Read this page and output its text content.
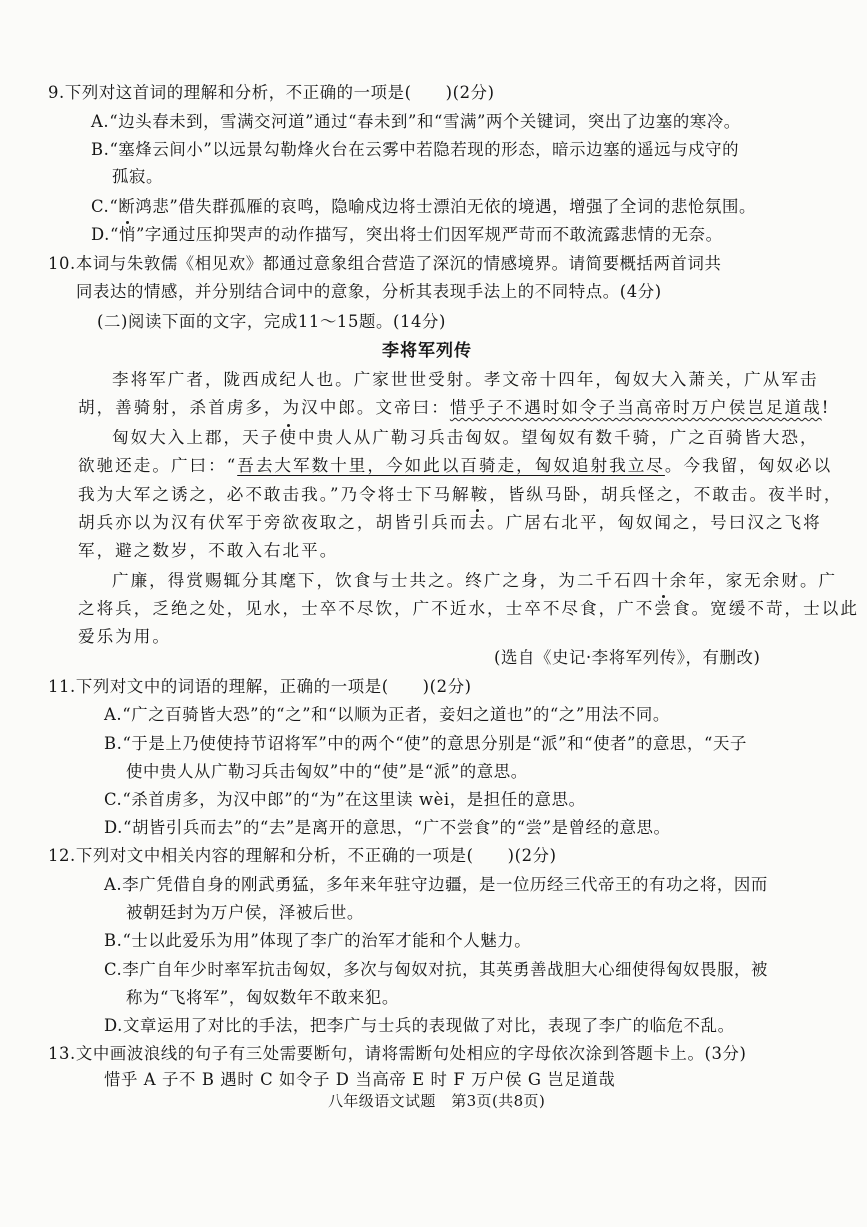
9.下列对这首词的理解和分析，不正确的一项是(　　)(2分)
A.“边头春未到，雪满交河道”通过“春未到”和“雪满”两个关键词，突出了边塞的寒冷。
B.“塞烽云间小”以远景勾勒烽火台在云雾中若隐若现的形态，暗示边塞的遥远与戍守的
孤寂。
C.“断鸿悲”借失群孤雁的哀鸣，隐喻戍边将士漂泊无依的境遇，增强了全词的悲怆氛围。
D.“悄”字通过压抑哭声的动作描写，突出将士们因军规严苛而不敢流露悲情的无奈。
10.本词与朱敦儒《相见欢》都通过意象组合营造了深沉的情感境界。请简要概括两首词共
同表达的情感，并分别结合词中的意象，分析其表现手法上的不同特点。(4分)
(二)阅读下面的文字，完成11～15题。(14分)
李将军列传
李将军广者，陇西成纪人也。广家世世受射。孝文帝十四年，匈奴大入萧关，广从军击
胡，善骑射，杀首虏多，为汉中郎。文帝曰：惜乎子不遇时如令子当高帝时万户侯岂足道哉!
匈奴大入上郡，天子使中贵人从广勒习兵击匈奴。望匈奴有数千骑，广之百骑皆大恐，
欲驰还走。广曰：“吾去大军数十里，今如此以百骑走，匈奴追射我立尽。今我留，匈奴必以
我为大军之诱之，必不敢击我。”乃令将士下马解鞍，皆纵马卧，胡兵怪之，不敢击。夜半时，
胡兵亦以为汉有伏军于旁欲夜取之，胡皆引兵而去。广居右北平，匈奴闻之，号曰汉之飞将
军，避之数岁，不敢入右北平。
广廉，得赏赐辄分其麾下，饮食与士共之。终广之身，为二千石四十余年，家无余财。广
之将兵，乏绝之处，见水，士卒不尽饮，广不近水，士卒不尽食，广不尝食。宽缓不苛，士以此
爱乐为用。
(选自《史记·李将军列传》，有删改)
11.下列对文中的词语的理解，正确的一项是(　　)(2分)
A.“广之百骑皆大恐”的“之”和“以顺为正者，妾妇之道也”的“之”用法不同。
B.“于是上乃使使持节诏将军”中的两个“使”的意思分别是“派”和“使者”的意思，“天子
使中贵人从广勒习兵击匈奴”中的“使”是“派”的意思。
C.“杀首虏多，为汉中郎”的“为”在这里读 wèi，是担任的意思。
D.“胡皆引兵而去”的“去”是离开的意思，“广不尝食”的“尝”是曾经的意思。
12.下列对文中相关内容的理解和分析，不正确的一项是(　　)(2分)
A.李广凭借自身的刚武勇猛，多年来年驻守边疆，是一位历经三代帝王的有功之将，因而
被朝廷封为万户侯，泽被后世。
B.“士以此爱乐为用”体现了李广的治军才能和个人魅力。
C.李广自年少时率军抗击匈奴，多次与匈奴对抗，其英勇善战胆大心细使得匈奴畏服，被
称为“飞将军”，匈奴数年不敢来犯。
D.文章运用了对比的手法，把李广与士兵的表现做了对比，表现了李广的临危不乱。
13.文中画波浪线的句子有三处需要断句，请将需断句处相应的字母依次涂到答题卡上。(3分)
惜乎 A 子不 B 遇时 C 如令子 D 当高帝 E 时 F 万户侯 G 岂足道哉
八年级语文试题　第3页(共8页)
